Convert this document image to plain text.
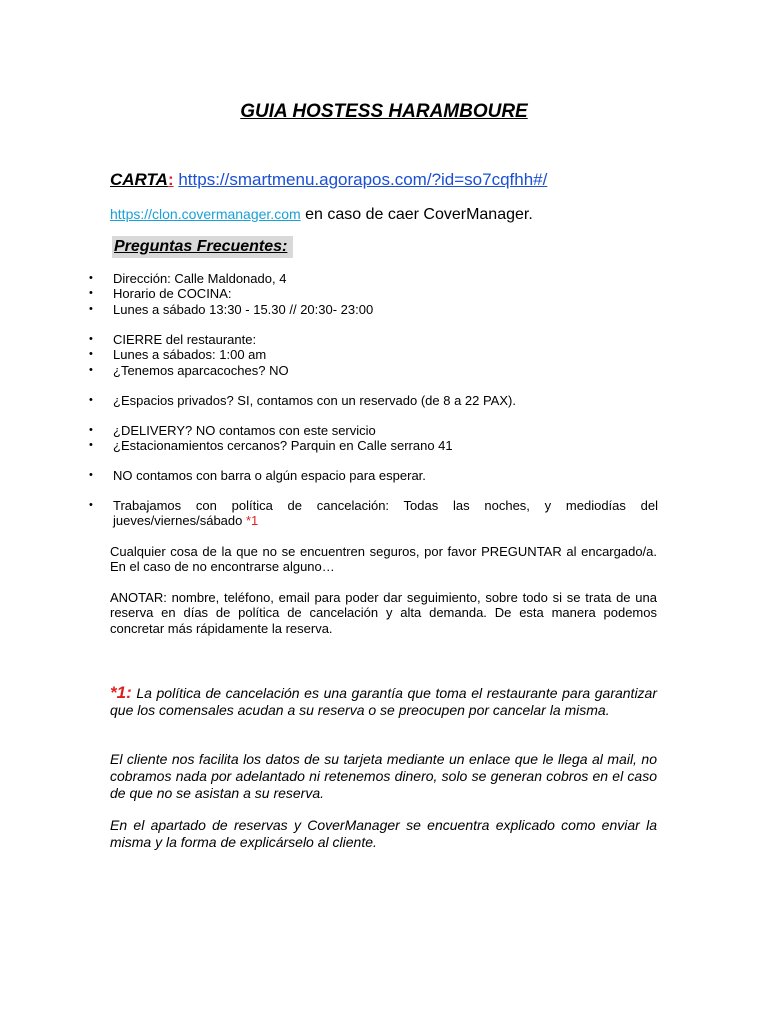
GUIA HOSTESS HARAMBOURE
CARTA: https://smartmenu.agorapos.com/?id=so7cqfhh#/
https://clon.covermanager.com en caso de caer CoverManager.
Preguntas Frecuentes:
• Dirección: Calle Maldonado, 4
• Horario de COCINA:
• Lunes a sábado 13:30 - 15.30 // 20:30- 23:00
• CIERRE del restaurante:
• Lunes a sábados: 1:00 am
• ¿Tenemos aparcacoches? NO
• ¿Espacios privados? SI, contamos con un reservado (de 8 a 22 PAX).
• ¿DELIVERY? NO contamos con este servicio
• ¿Estacionamientos cercanos? Parquin en Calle serrano 41
• NO contamos con barra o algún espacio para esperar.
• Trabajamos con política de cancelación: Todas las noches, y mediodías del jueves/viernes/sábado *1
Cualquier cosa de la que no se encuentren seguros, por favor PREGUNTAR al encargado/a. En el caso de no encontrarse alguno…
ANOTAR: nombre, teléfono, email para poder dar seguimiento, sobre todo si se trata de una reserva en días de política de cancelación y alta demanda. De esta manera podemos concretar más rápidamente la reserva.
*1: La política de cancelación es una garantía que toma el restaurante para garantizar que los comensales acudan a su reserva o se preocupen por cancelar la misma.
El cliente nos facilita los datos de su tarjeta mediante un enlace que le llega al mail, no cobramos nada por adelantado ni retenemos dinero, solo se generan cobros en el caso de que no se asistan a su reserva.
En el apartado de reservas y CoverManager se encuentra explicado como enviar la misma y la forma de explicárselo al cliente.
